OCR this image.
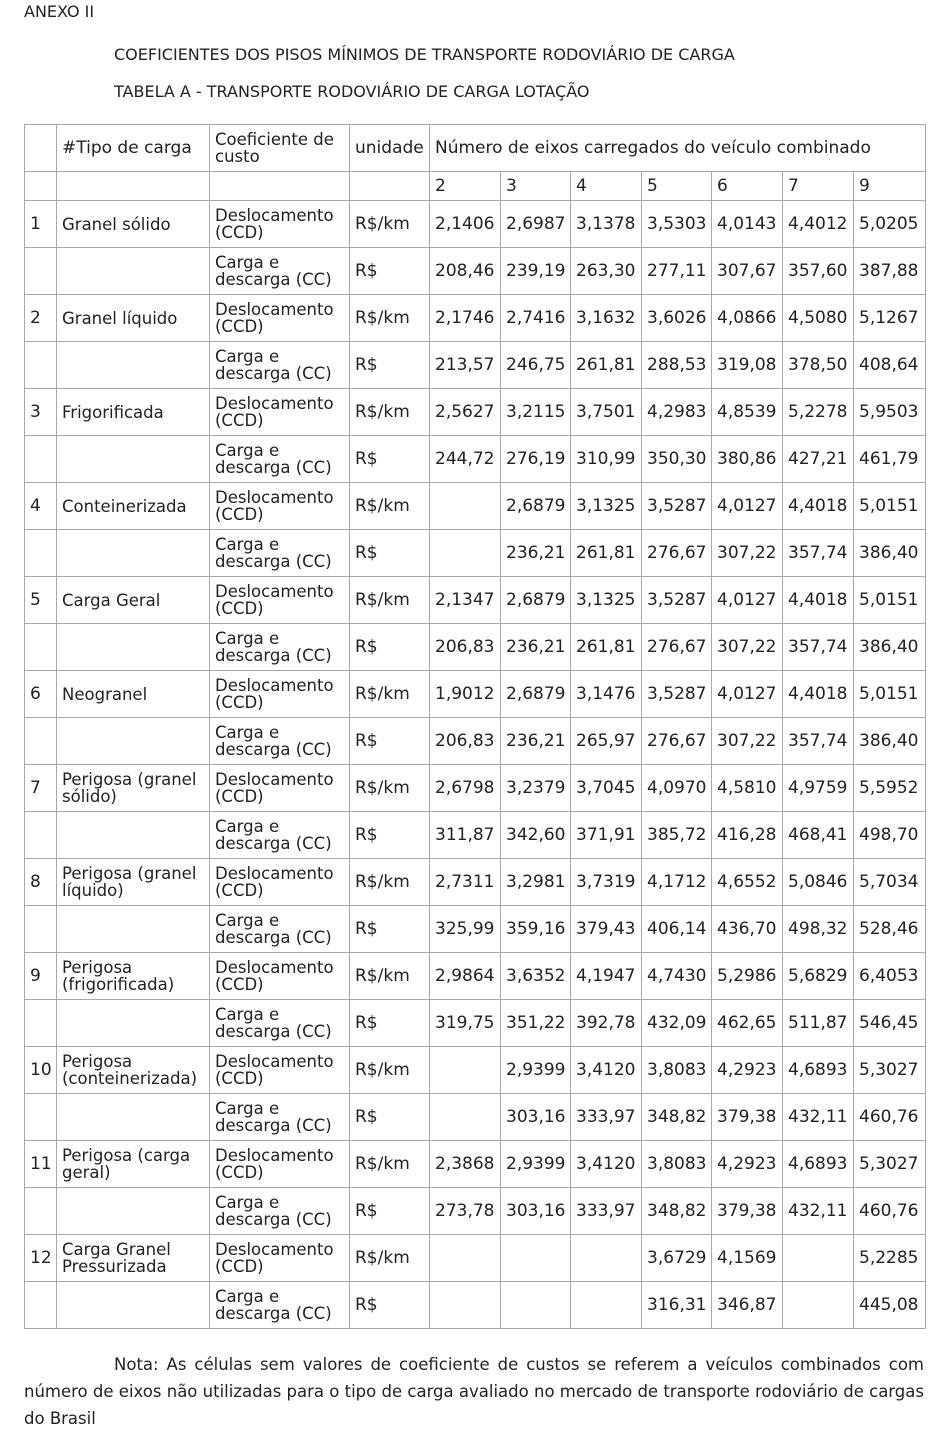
ANEXO II
COEFICIENTES DOS PISOS MÍNIMOS DE TRANSPORTE RODOVIÁRIO DE CARGA
TABELA A - TRANSPORTE RODOVIÁRIO DE CARGA LOTAÇÃO
	#Tipo de carga	Coeficiente de custo	unidade	Número de eixos carregados do veículo combinado						
				2	3	4	5	6	7	9
1	Granel sólido	Deslocamento (CCD)	R$/km	2,1406	2,6987	3,1378	3,5303	4,0143	4,4012	5,0205
		Carga e descarga (CC)	R$	208,46	239,19	263,30	277,11	307,67	357,60	387,88
2	Granel líquido	Deslocamento (CCD)	R$/km	2,1746	2,7416	3,1632	3,6026	4,0866	4,5080	5,1267
		Carga e descarga (CC)	R$	213,57	246,75	261,81	288,53	319,08	378,50	408,64
3	Frigorificada	Deslocamento (CCD)	R$/km	2,5627	3,2115	3,7501	4,2983	4,8539	5,2278	5,9503
		Carga e descarga (CC)	R$	244,72	276,19	310,99	350,30	380,86	427,21	461,79
4	Conteinerizada	Deslocamento (CCD)	R$/km		2,6879	3,1325	3,5287	4,0127	4,4018	5,0151
		Carga e descarga (CC)	R$		236,21	261,81	276,67	307,22	357,74	386,40
5	Carga Geral	Deslocamento (CCD)	R$/km	2,1347	2,6879	3,1325	3,5287	4,0127	4,4018	5,0151
		Carga e descarga (CC)	R$	206,83	236,21	261,81	276,67	307,22	357,74	386,40
6	Neogranel	Deslocamento (CCD)	R$/km	1,9012	2,6879	3,1476	3,5287	4,0127	4,4018	5,0151
		Carga e descarga (CC)	R$	206,83	236,21	265,97	276,67	307,22	357,74	386,40
7	Perigosa (granel sólido)	Deslocamento (CCD)	R$/km	2,6798	3,2379	3,7045	4,0970	4,5810	4,9759	5,5952
		Carga e descarga (CC)	R$	311,87	342,60	371,91	385,72	416,28	468,41	498,70
8	Perigosa (granel líquido)	Deslocamento (CCD)	R$/km	2,7311	3,2981	3,7319	4,1712	4,6552	5,0846	5,7034
		Carga e descarga (CC)	R$	325,99	359,16	379,43	406,14	436,70	498,32	528,46
9	Perigosa (frigorificada)	Deslocamento (CCD)	R$/km	2,9864	3,6352	4,1947	4,7430	5,2986	5,6829	6,4053
		Carga e descarga (CC)	R$	319,75	351,22	392,78	432,09	462,65	511,87	546,45
10	Perigosa (conteinerizada)	Deslocamento (CCD)	R$/km		2,9399	3,4120	3,8083	4,2923	4,6893	5,3027
		Carga e descarga (CC)	R$		303,16	333,97	348,82	379,38	432,11	460,76
11	Perigosa (carga geral)	Deslocamento (CCD)	R$/km	2,3868	2,9399	3,4120	3,8083	4,2923	4,6893	5,3027
		Carga e descarga (CC)	R$	273,78	303,16	333,97	348,82	379,38	432,11	460,76
12	Carga Granel Pressurizada	Deslocamento (CCD)	R$/km				3,6729	4,1569		5,2285
		Carga e descarga (CC)	R$				316,31	346,87		445,08
Nota: As células sem valores de coeficiente de custos se referem a veículos combinados com número de eixos não utilizadas para o tipo de carga avaliado no mercado de transporte rodoviário de cargas do Brasil
